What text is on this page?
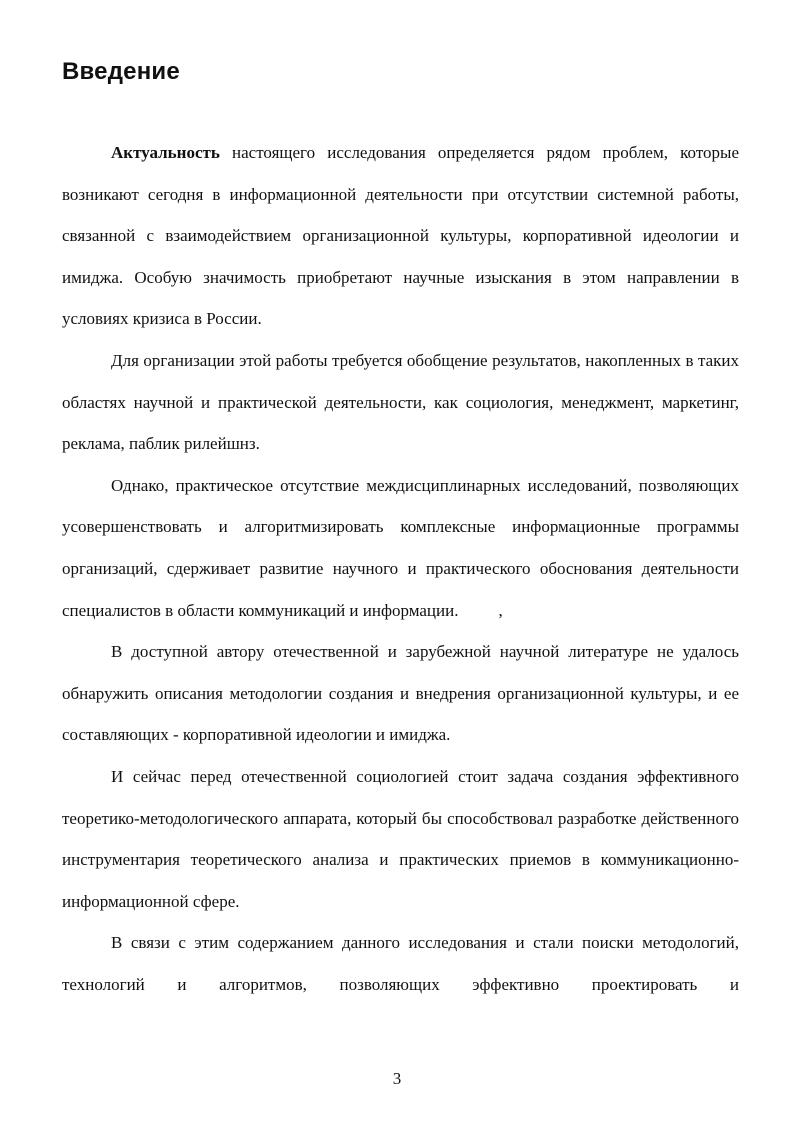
Введение

Актуальность настоящего исследования определяется рядом проблем, которые возникают сегодня в информационной деятельности при отсутствии системной работы, связанной с взаимодействием организационной культуры, корпоративной идеологии и имиджа. Особую значимость приобретают научные изыскания в этом направлении в условиях кризиса в России.

Для организации этой работы требуется обобщение результатов, накопленных в таких областях научной и практической деятельности, как социология, менеджмент, маркетинг, реклама, паблик рилейшнз.

Однако, практическое отсутствие междисциплинарных исследований, позволяющих усовершенствовать и алгоритмизировать комплексные информационные программы организаций, сдерживает развитие научного и практического обоснования деятельности специалистов в области коммуникаций и информации. ,

В доступной автору отечественной и зарубежной научной литературе не удалось обнаружить описания методологии создания и внедрения организационной культуры, и ее составляющих - корпоративной идеологии и имиджа.

И сейчас перед отечественной социологией стоит задача создания эффективного теоретико-методологического аппарата, который бы способствовал разработке действенного инструментария теоретического анализа и практических приемов в коммуникационно-информационной сфере.

В связи с этим содержанием данного исследования и стали поиски методологий, технологий и алгоритмов, позволяющих эффективно проектировать и

3
